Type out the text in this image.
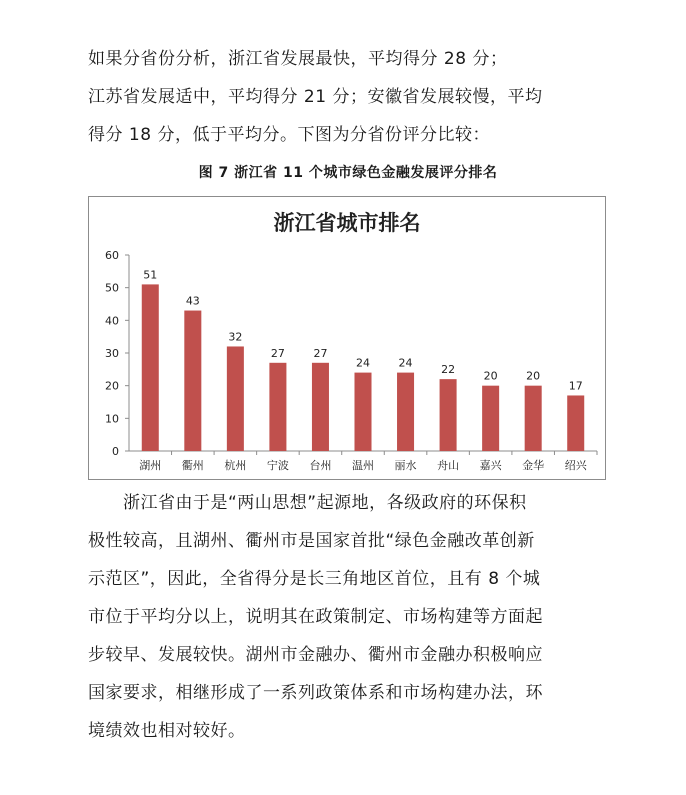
如果分省份分析，浙江省发展最快，平均得分 28 分；
江苏省发展适中，平均得分 21 分；安徽省发展较慢，平均
得分 18 分，低于平均分。下图为分省份评分比较：
图 7 浙江省 11 个城市绿色金融发展评分排名
浙江省城市排名
0
10
20
30
40
50
60
51
湖州
43
衢州
32
杭州
27
宁波
27
台州
24
温州
24
丽水
22
舟山
20
嘉兴
20
金华
17
绍兴
　　浙江省由于是“两山思想”起源地，各级政府的环保积
极性较高，且湖州、衢州市是国家首批“绿色金融改革创新
示范区”，因此，全省得分是长三角地区首位，且有 8 个城
市位于平均分以上，说明其在政策制定、市场构建等方面起
步较早、发展较快。湖州市金融办、衢州市金融办积极响应
国家要求，相继形成了一系列政策体系和市场构建办法，环
境绩效也相对较好。
